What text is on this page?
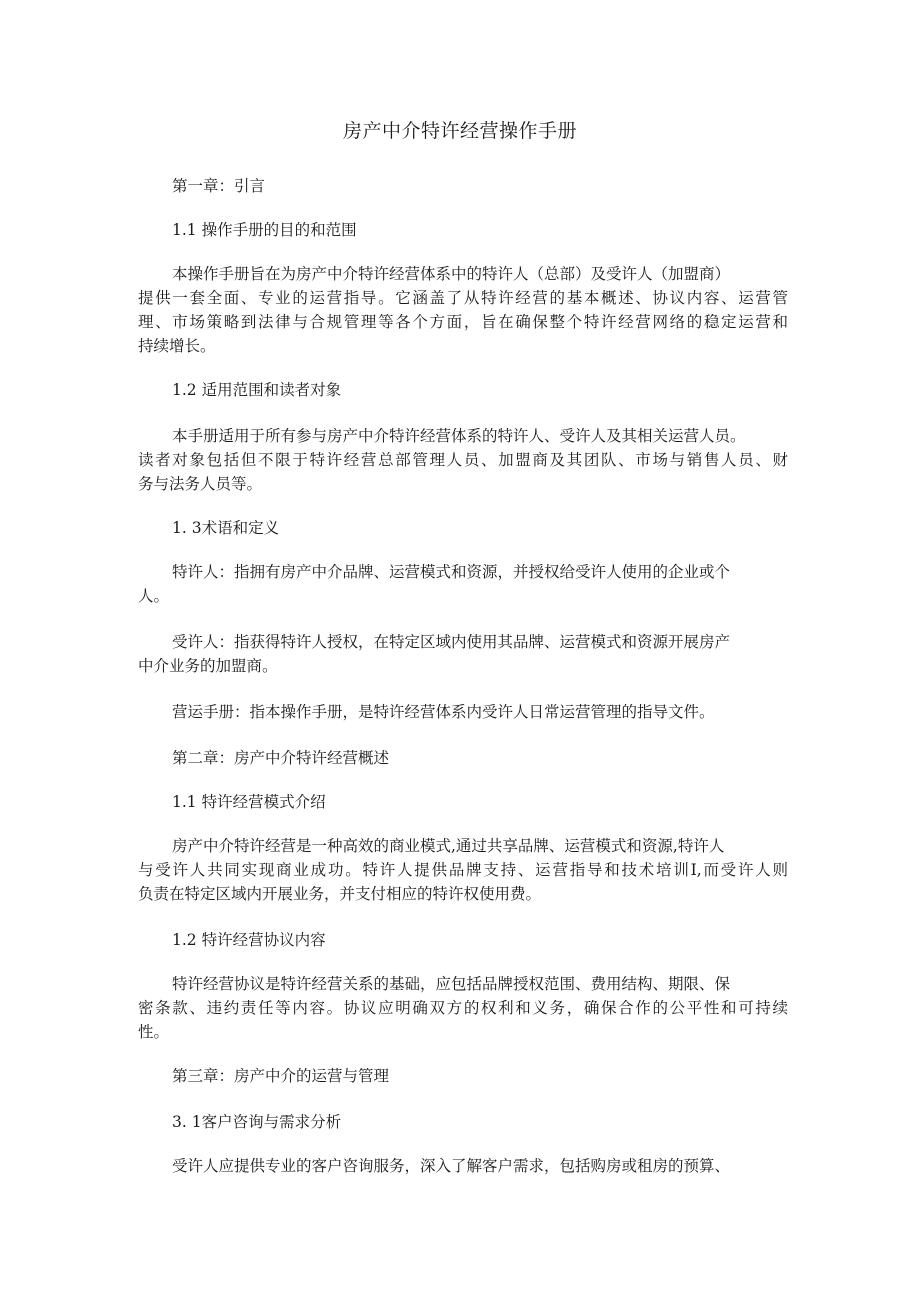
房产中介特许经营操作手册
第一章：引言
1.1 操作手册的目的和范围
本操作手册旨在为房产中介特许经营体系中的特许人（总部）及受许人（加盟商）
提供一套全面、专业的运营指导。它涵盖了从特许经营的基本概述、协议内容、运营管
理、市场策略到法律与合规管理等各个方面，旨在确保整个特许经营网络的稳定运营和
持续增长。
1.2 适用范围和读者对象
本手册适用于所有参与房产中介特许经营体系的特许人、受许人及其相关运营人员。
读者对象包括但不限于特许经营总部管理人员、加盟商及其团队、市场与销售人员、财
务与法务人员等。
1. 3术语和定义
特许人：指拥有房产中介品牌、运营模式和资源，并授权给受许人使用的企业或个
人。
受许人：指获得特许人授权，在特定区域内使用其品牌、运营模式和资源开展房产
中介业务的加盟商。
营运手册：指本操作手册，是特许经营体系内受许人日常运营管理的指导文件。
第二章：房产中介特许经营概述
1.1 特许经营模式介绍
房产中介特许经营是一种高效的商业模式,通过共享品牌、运营模式和资源,特许人
与受许人共同实现商业成功。特许人提供品牌支持、运营指导和技术培训I,而受许人则
负责在特定区域内开展业务，并支付相应的特许权使用费。
1.2 特许经营协议内容
特许经营协议是特许经营关系的基础，应包括品牌授权范围、费用结构、期限、保
密条款、违约责任等内容。协议应明确双方的权利和义务，确保合作的公平性和可持续
性。
第三章：房产中介的运营与管理
3. 1客户咨询与需求分析
受许人应提供专业的客户咨询服务，深入了解客户需求，包括购房或租房的预算、
